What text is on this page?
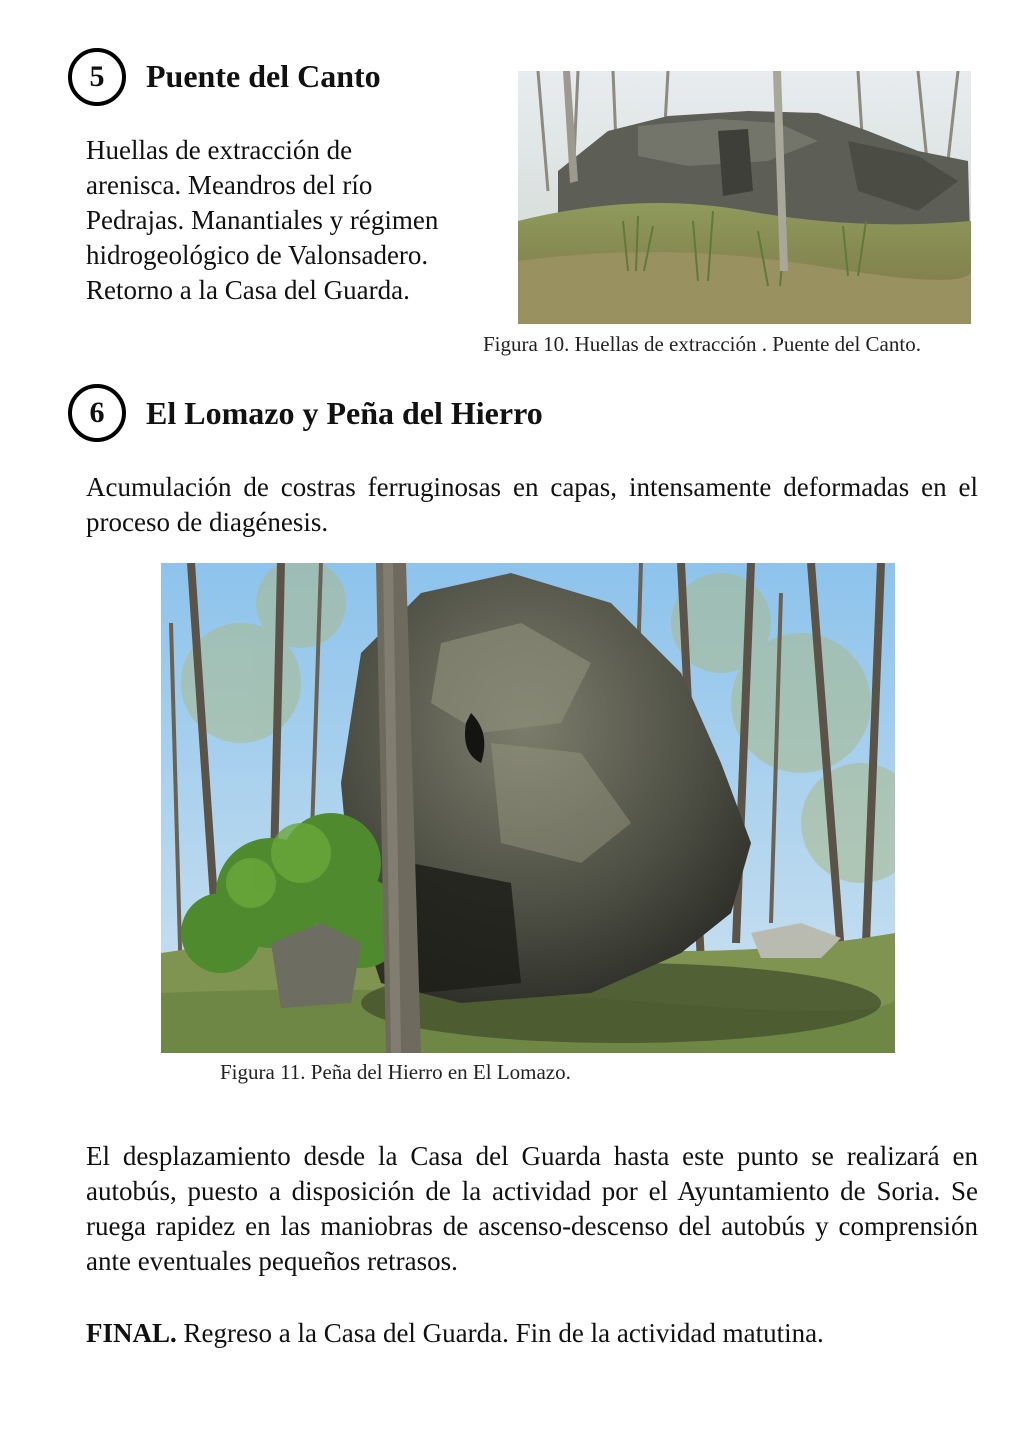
5 Puente del Canto
Huellas de extracción de
arenisca. Meandros del río
Pedrajas. Manantiales y régimen
hidrogeológico de Valonsadero.
Retorno a la Casa del Guarda.
Figura 10. Huellas de extracción . Puente del Canto.
6 El Lomazo y Peña del Hierro
Acumulación de costras ferruginosas en capas, intensamente deformadas en el proceso de diagénesis.
Figura 11. Peña del Hierro en El Lomazo.
El desplazamiento desde la Casa del Guarda hasta este punto se realizará en autobús, puesto a disposición de la actividad por el Ayuntamiento de Soria. Se ruega rapidez en las maniobras de ascenso-descenso del autobús y comprensión ante eventuales pequeños retrasos.
FINAL. Regreso a la Casa del Guarda. Fin de la actividad matutina.
